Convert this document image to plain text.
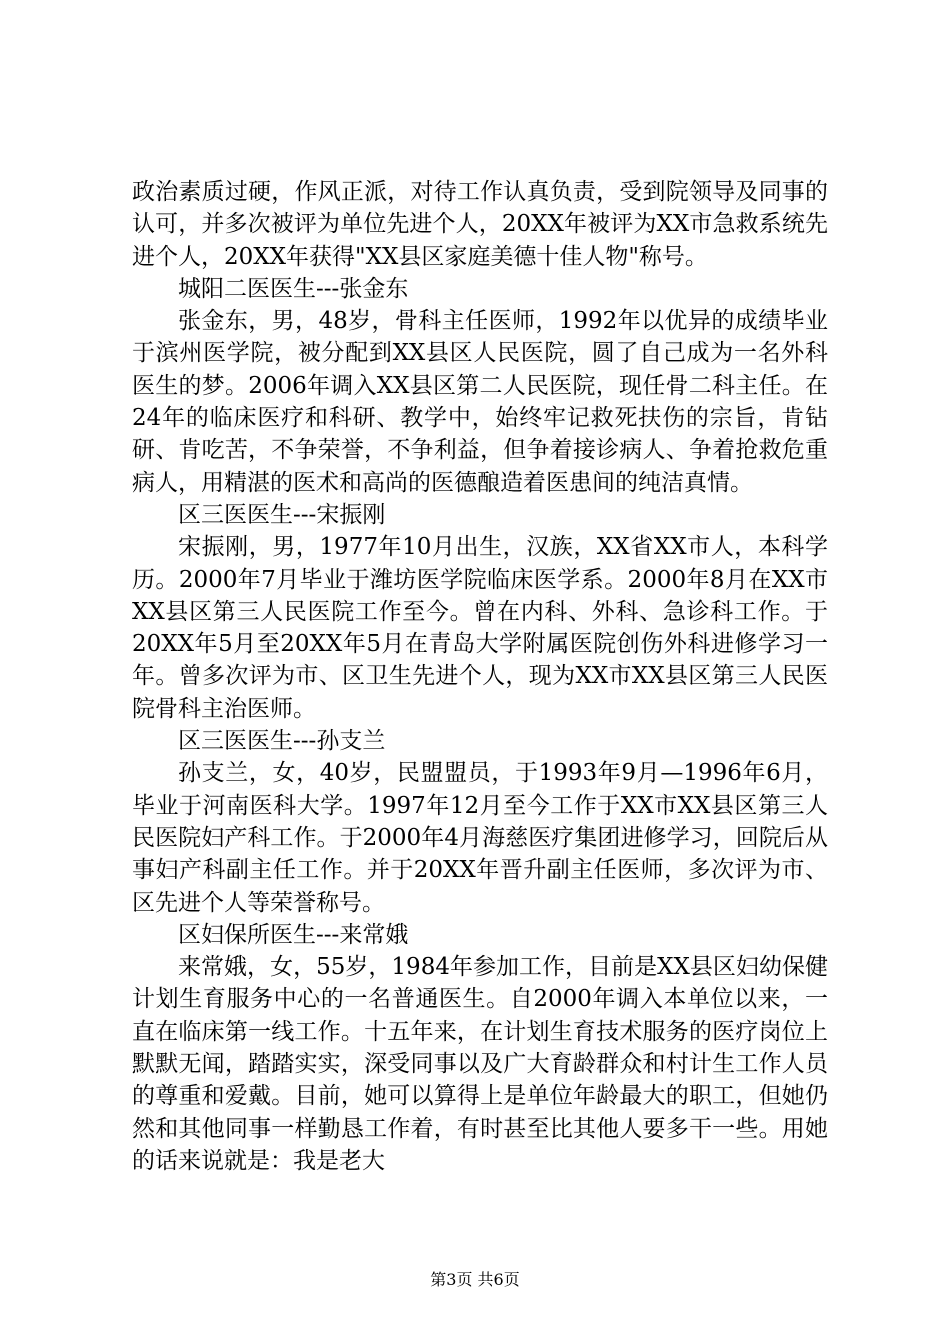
政治素质过硬，作风正派，对待工作认真负责，受到院领导及同事的认可，并多次被评为单位先进个人，20XX年被评为XX市急救系统先进个人，20XX年获得"XX县区家庭美德十佳人物"称号。

城阳二医医生---张金东

张金东，男，48岁，骨科主任医师，1992年以优异的成绩毕业于滨州医学院，被分配到XX县区人民医院，圆了自己成为一名外科医生的梦。2006年调入XX县区第二人民医院，现任骨二科主任。在24年的临床医疗和科研、教学中，始终牢记救死扶伤的宗旨，肯钻研、肯吃苦，不争荣誉，不争利益，但争着接诊病人、争着抢救危重病人，用精湛的医术和高尚的医德酿造着医患间的纯洁真情。

区三医医生---宋振刚

宋振刚，男，1977年10月出生，汉族，XX省XX市人，本科学历。2000年7月毕业于潍坊医学院临床医学系。2000年8月在XX市XX县区第三人民医院工作至今。曾在内科、外科、急诊科工作。于20XX年5月至20XX年5月在青岛大学附属医院创伤外科进修学习一年。曾多次评为市、区卫生先进个人，现为XX市XX县区第三人民医院骨科主治医师。

区三医医生---孙支兰

孙支兰，女，40岁，民盟盟员，于1993年9月—1996年6月，毕业于河南医科大学。1997年12月至今工作于XX市XX县区第三人民医院妇产科工作。于2000年4月海慈医疗集团进修学习，回院后从事妇产科副主任工作。并于20XX年晋升副主任医师，多次评为市、区先进个人等荣誉称号。

区妇保所医生---来常娥

来常娥，女，55岁，1984年参加工作，目前是XX县区妇幼保健计划生育服务中心的一名普通医生。自2000年调入本单位以来，一直在临床第一线工作。十五年来，在计划生育技术服务的医疗岗位上默默无闻，踏踏实实，深受同事以及广大育龄群众和村计生工作人员的尊重和爱戴。目前，她可以算得上是单位年龄最大的职工，但她仍然和其他同事一样勤恳工作着，有时甚至比其他人要多干一些。用她的话来说就是：我是老大

第3页 共6页
